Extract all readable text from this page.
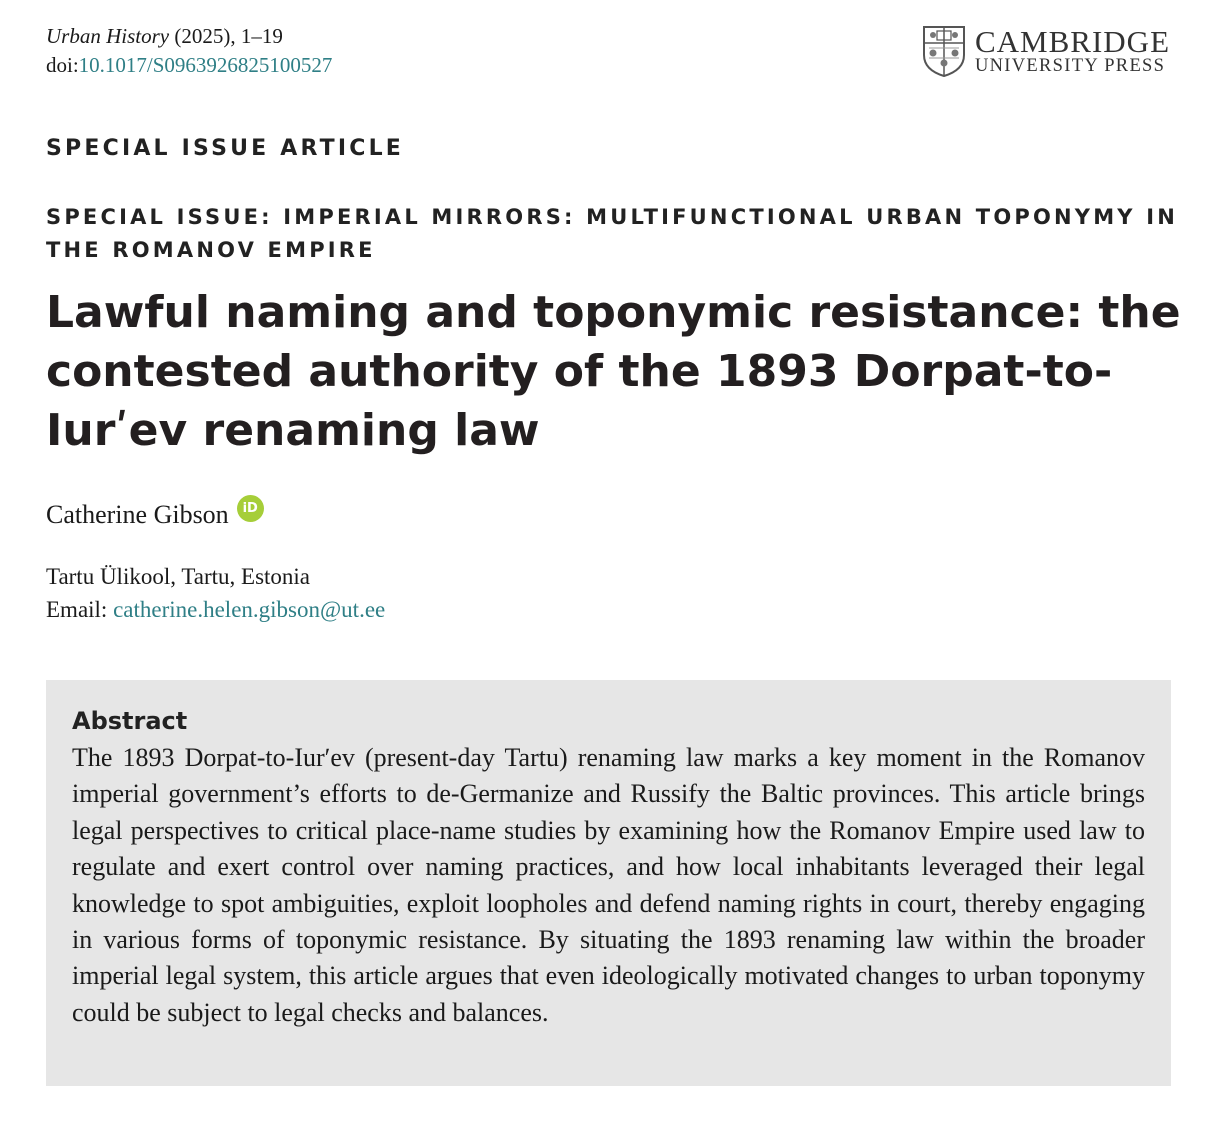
Urban History (2025), 1–19
doi:10.1017/S0963926825100527
CAMBRIDGE
UNIVERSITY PRESS
SPECIAL ISSUE ARTICLE
SPECIAL ISSUE: IMPERIAL MIRRORS: MULTIFUNCTIONAL URBAN TOPONYMY IN THE ROMANOV EMPIRE
Lawful naming and toponymic resistance: the contested authority of the 1893 Dorpat-to-Iurʹev renaming law
Catherine Gibson	iD
Tartu Ülikool, Tartu, Estonia
Email: catherine.helen.gibson@ut.ee
Abstract
The 1893 Dorpat-to-Iurʹev (present-day Tartu) renaming law marks a key moment in the Romanov imperial government’s efforts to de-Germanize and Russify the Baltic provinces. This article brings legal perspectives to critical place-name studies by examining how the Romanov Empire used law to regulate and exert control over naming practices, and how local inhabitants leveraged their legal knowledge to spot ambiguities, exploit loopholes and defend naming rights in court, thereby engaging in various forms of toponymic resistance. By situating the 1893 renaming law within the broader imperial legal system, this article argues that even ideologically motivated changes to urban toponymy could be subject to legal checks and balances.
